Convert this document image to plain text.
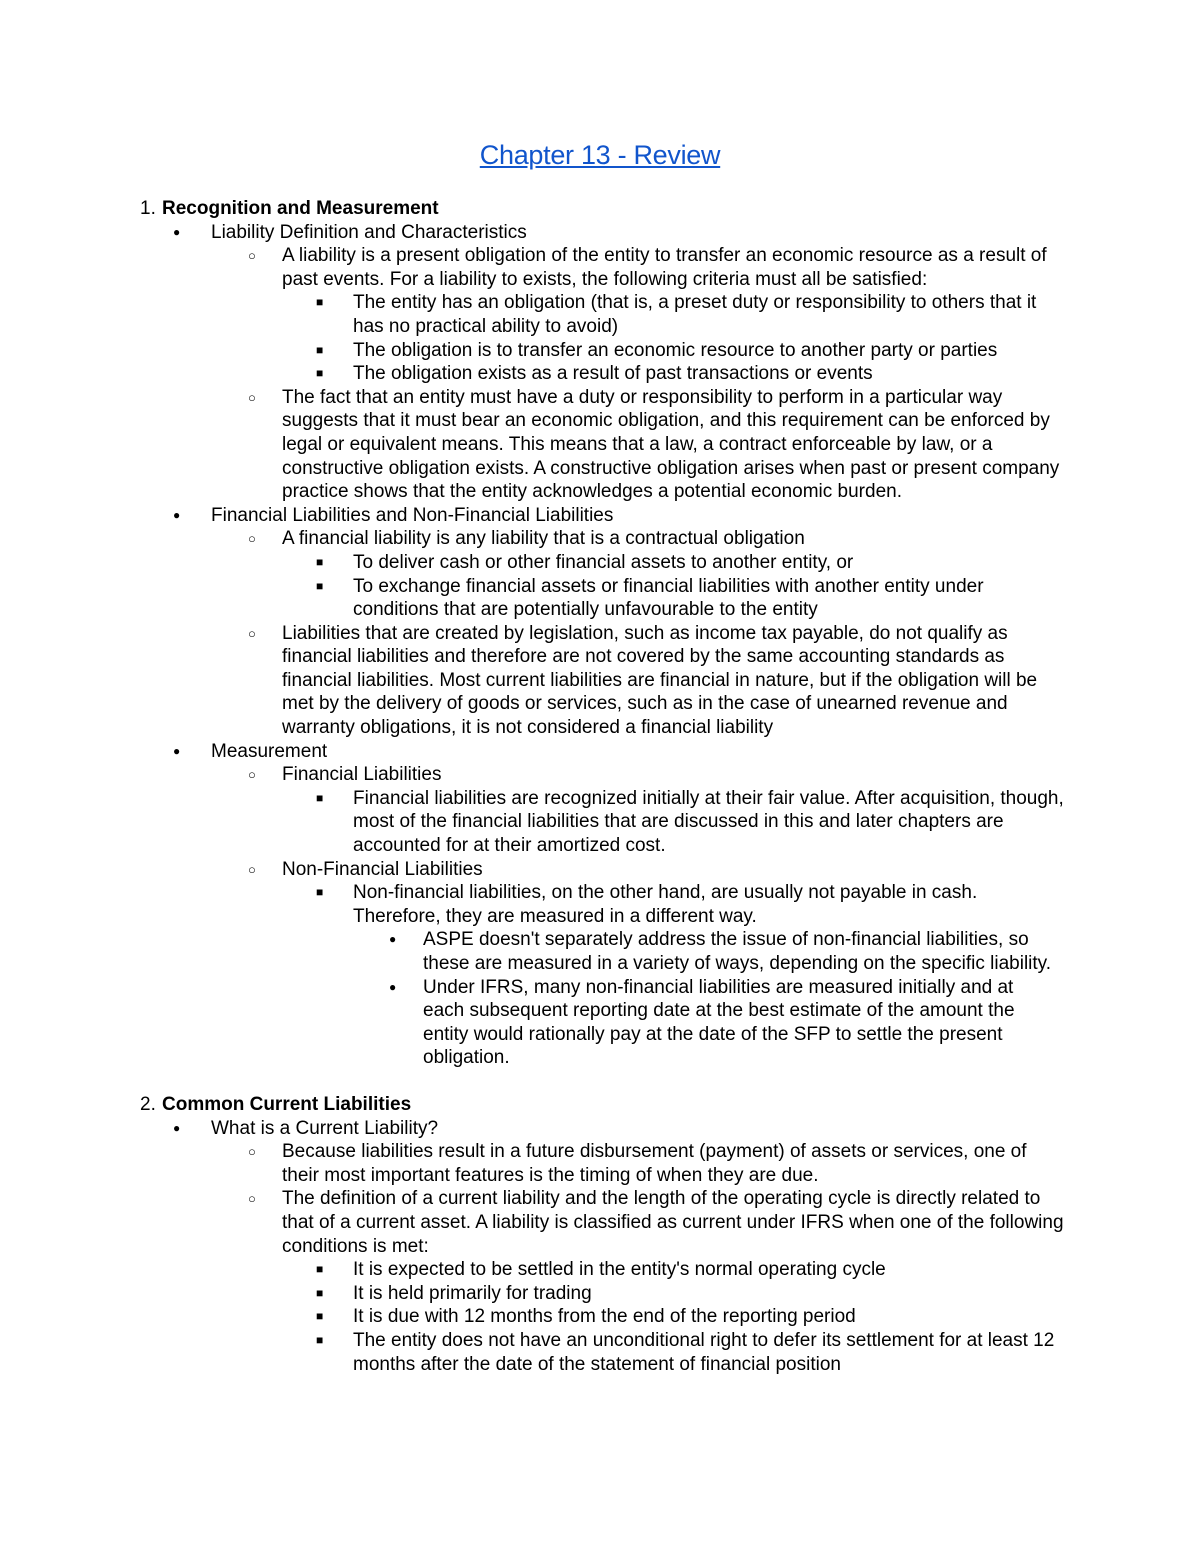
Chapter 13 - Review
1. Recognition and Measurement
● Liability Definition and Characteristics
○ A liability is a present obligation of the entity to transfer an economic resource as a result of past events. For a liability to exists, the following criteria must all be satisfied:
■ The entity has an obligation (that is, a preset duty or responsibility to others that it has no practical ability to avoid)
■ The obligation is to transfer an economic resource to another party or parties
■ The obligation exists as a result of past transactions or events
○ The fact that an entity must have a duty or responsibility to perform in a particular way suggests that it must bear an economic obligation, and this requirement can be enforced by legal or equivalent means. This means that a law, a contract enforceable by law, or a constructive obligation exists. A constructive obligation arises when past or present company practice shows that the entity acknowledges a potential economic burden.
● Financial Liabilities and Non-Financial Liabilities
○ A financial liability is any liability that is a contractual obligation
■ To deliver cash or other financial assets to another entity, or
■ To exchange financial assets or financial liabilities with another entity under conditions that are potentially unfavourable to the entity
○ Liabilities that are created by legislation, such as income tax payable, do not qualify as financial liabilities and therefore are not covered by the same accounting standards as financial liabilities. Most current liabilities are financial in nature, but if the obligation will be met by the delivery of goods or services, such as in the case of unearned revenue and warranty obligations, it is not considered a financial liability
● Measurement
○ Financial Liabilities
■ Financial liabilities are recognized initially at their fair value. After acquisition, though, most of the financial liabilities that are discussed in this and later chapters are accounted for at their amortized cost.
○ Non-Financial Liabilities
■ Non-financial liabilities, on the other hand, are usually not payable in cash. Therefore, they are measured in a different way.
● ASPE doesn't separately address the issue of non-financial liabilities, so these are measured in a variety of ways, depending on the specific liability.
● Under IFRS, many non-financial liabilities are measured initially and at each subsequent reporting date at the best estimate of the amount the entity would rationally pay at the date of the SFP to settle the present obligation.
2. Common Current Liabilities
● What is a Current Liability?
○ Because liabilities result in a future disbursement (payment) of assets or services, one of their most important features is the timing of when they are due.
○ The definition of a current liability and the length of the operating cycle is directly related to that of a current asset. A liability is classified as current under IFRS when one of the following conditions is met:
■ It is expected to be settled in the entity's normal operating cycle
■ It is held primarily for trading
■ It is due with 12 months from the end of the reporting period
■ The entity does not have an unconditional right to defer its settlement for at least 12 months after the date of the statement of financial position
